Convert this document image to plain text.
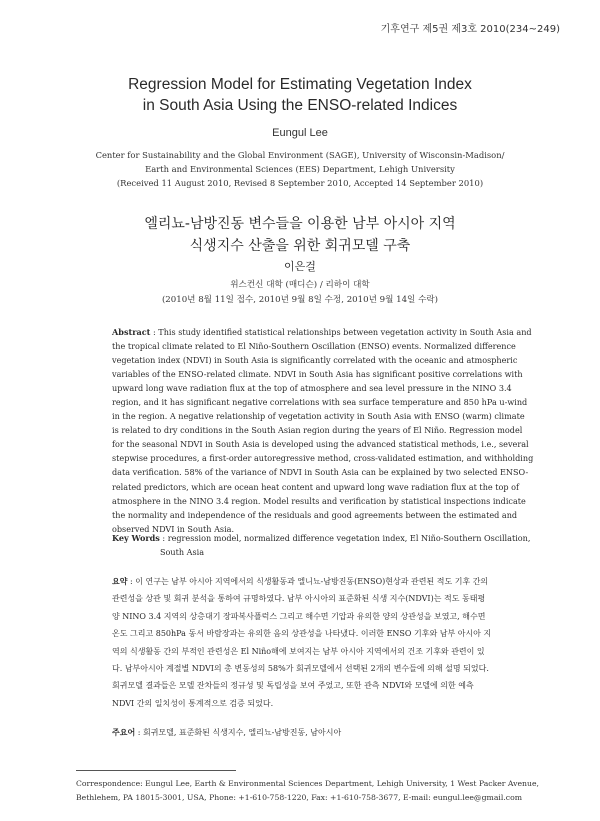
기후연구 제5권 제3호 2010(234~249)
Regression Model for Estimating Vegetation Index
in South Asia Using the ENSO-related Indices
Eungul Lee
Center for Sustainability and the Global Environment (SAGE), University of Wisconsin-Madison/
Earth and Environmental Sciences (EES) Department, Lehigh University
(Received 11 August 2010, Revised 8 September 2010, Accepted 14 September 2010)
엘리뇨-남방진동 변수들을 이용한 남부 아시아 지역
식생지수 산출을 위한 회귀모델 구축
이은걸
위스컨신 대학 (매디슨) / 리하이 대학
(2010년 8월 11일 접수, 2010년 9월 8일 수정, 2010년 9월 14일 수락)
Abstract : This study identified statistical relationships between vegetation activity in South Asia and
the tropical climate related to El Niño-Southern Oscillation (ENSO) events. Normalized difference
vegetation index (NDVI) in South Asia is significantly correlated with the oceanic and atmospheric
variables of the ENSO-related climate. NDVI in South Asia has significant positive correlations with
upward long wave radiation flux at the top of atmosphere and sea level pressure in the NINO 3.4
region, and it has significant negative correlations with sea surface temperature and 850 hPa u-wind
in the region. A negative relationship of vegetation activity in South Asia with ENSO (warm) climate
is related to dry conditions in the South Asian region during the years of El Niño. Regression model
for the seasonal NDVI in South Asia is developed using the advanced statistical methods, i.e., several
stepwise procedures, a first-order autoregressive method, cross-validated estimation, and withholding
data verification. 58% of the variance of NDVI in South Asia can be explained by two selected ENSO-
related predictors, which are ocean heat content and upward long wave radiation flux at the top of
atmosphere in the NINO 3.4 region. Model results and verification by statistical inspections indicate
the normality and independence of the residuals and good agreements between the estimated and
observed NDVI in South Asia.
Key Words : regression model, normalized difference vegetation index, El Niño-Southern Oscillation,
South Asia
요약 : 이 연구는 남부 아시아 지역에서의 식생활동과 엘니뇨-남방진동(ENSO)현상과 관련된 적도 기후 간의
관련성을 상관 및 회귀 분석을 통하여 규명하였다. 남부 아시아의 표준화된 식생 지수(NDVI)는 적도 동태평
양 NINO 3.4 지역의 상층대기 장파복사플럭스 그리고 해수면 기압과 유의한 양의 상관성을 보였고, 해수면
온도 그리고 850hPa 동서 바람장과는 유의한 음의 상관성을 나타냈다. 이러한 ENSO 기후와 남부 아시아 지
역의 식생활동 간의 부적인 관련성은 El Niño해에 보여지는 남부 아시아 지역에서의 건조 기후와 관련이 있
다. 남부아시아 계절별 NDVI의 총 변동성의 58%가 회귀모델에서 선택된 2개의 변수들에 의해 설명 되었다.
회귀모델 결과들은 모델 잔차들의 정규성 및 독립성을 보여 주었고, 또한 관측 NDVI와 모델에 의한 예측
NDVI 간의 일치성이 통계적으로 검증 되었다.
주요어 : 회귀모델, 표준화된 식생지수, 엘리뇨-남방진동, 남아시아
Correspondence: Eungul Lee, Earth & Environmental Sciences Department, Lehigh University, 1 West Packer Avenue,
Bethlehem, PA 18015-3001, USA, Phone: +1-610-758-1220, Fax: +1-610-758-3677, E-mail: eungul.lee@gmail.com
